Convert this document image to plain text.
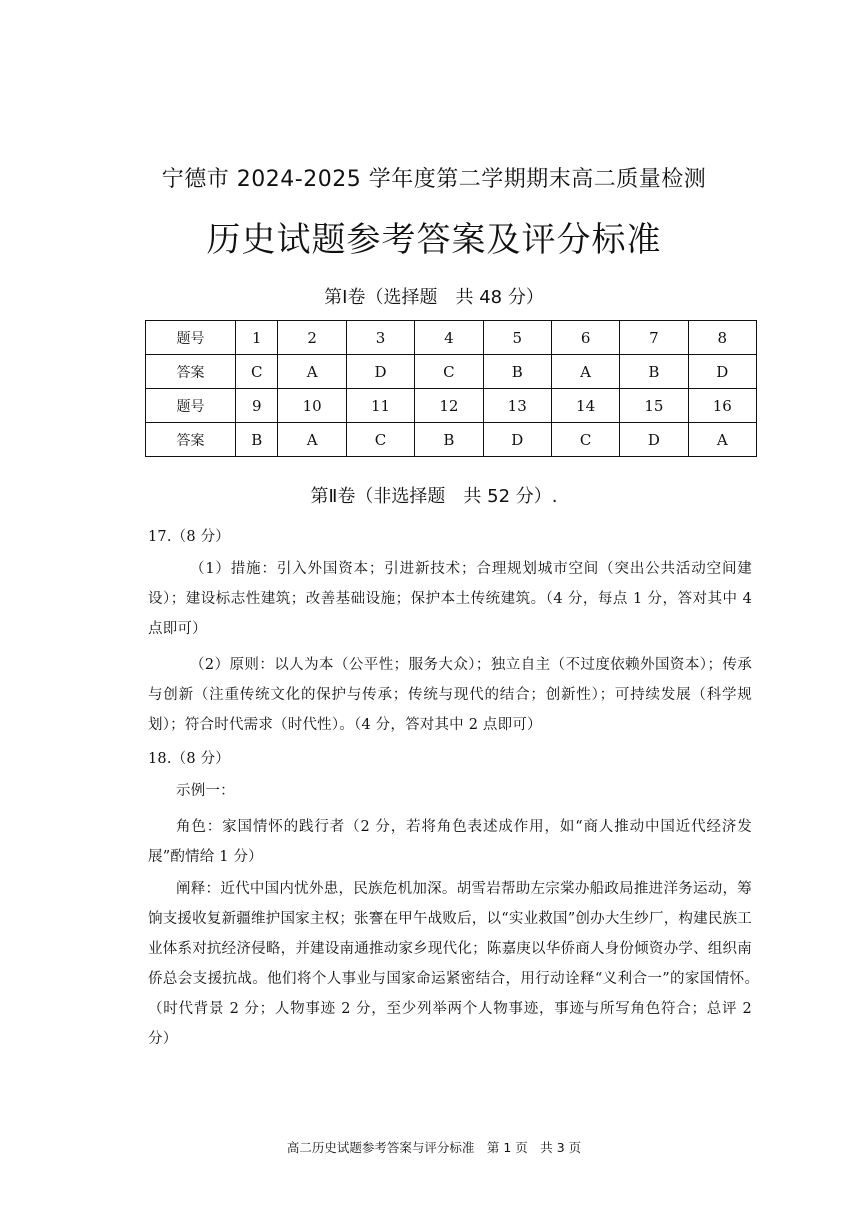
宁德市 2024-2025 学年度第二学期期末高二质量检测
历史试题参考答案及评分标准
第Ⅰ卷（选择题　共 48 分）
题号	1	2	3	4	5	6	7	8
答案	C	A	D	C	B	A	B	D
题号	9	10	11	12	13	14	15	16
答案	B	A	C	B	D	C	D	A
第Ⅱ卷（非选择题　共 52 分）.
17.（8 分）
（1）措施：引入外国资本；引进新技术；合理规划城市空间（突出公共活动空间建设）；建设标志性建筑；改善基础设施；保护本土传统建筑。（4 分，每点 1 分，答对其中 4 点即可）
（2）原则：以人为本（公平性；服务大众）；独立自主（不过度依赖外国资本）；传承与创新（注重传统文化的保护与传承；传统与现代的结合；创新性）；可持续发展（科学规划）；符合时代需求（时代性）。（4 分，答对其中 2 点即可）
18.（8 分）
示例一：
角色：家国情怀的践行者（2 分，若将角色表述成作用，如“商人推动中国近代经济发展”酌情给 1 分）
阐释：近代中国内忧外患，民族危机加深。胡雪岩帮助左宗棠办船政局推进洋务运动，筹饷支援收复新疆维护国家主权；张謇在甲午战败后，以“实业救国”创办大生纱厂，构建民族工业体系对抗经济侵略，并建设南通推动家乡现代化；陈嘉庚以华侨商人身份倾资办学、组织南侨总会支援抗战。他们将个人事业与国家命运紧密结合，用行动诠释“义利合一”的家国情怀。　（时代背景 2 分；人物事迹 2 分，至少列举两个人物事迹，事迹与所写角色符合；总评 2 分）
高二历史试题参考答案与评分标准　第 1 页　共 3 页
